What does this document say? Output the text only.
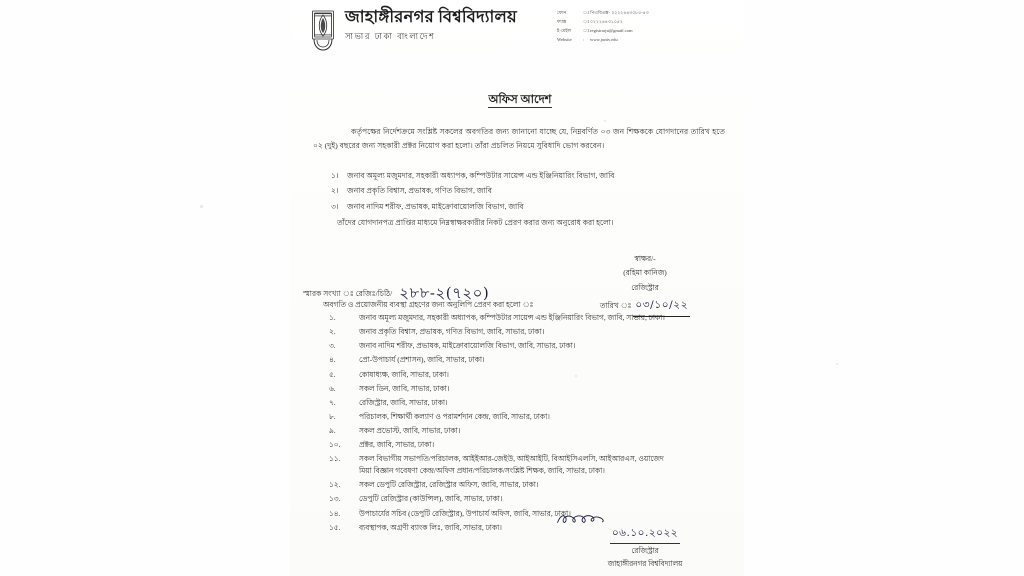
জাহাঙ্গীরনগর বিশ্ববিদ্যালয়
সাভার ঢাকা বাংলাদেশ
ফোন	ঃ পিএবিএক্স- ০২২২৪৪৩০৮৫-৫৩
ফ্যাক্স	ঃ ০২২২৪৪৩১০৫২
ই-মেইল	ঃ registrarju@gmail.com
Website	:	www.juniv.edu
অফিস আদেশ
কর্তৃপক্ষের নির্দেশক্রমে সংশ্লিষ্ট সকলের অবগতির জন্য জানানো যাচ্ছে যে, নিম্নবর্ণিত ০৩ জন শিক্ষককে যোগদানের তারিখ হতে ০২ (দুই) বছরের জন্য সহকারী প্রক্টর নিয়োগ করা হলো। তাঁরা প্রচলিত নিয়মে সুবিধাদি ভোগ করবেন।
১। জনাব অমূল্য মজুমদার, সহকারী অধ্যাপক, কম্পিউটার সায়েন্স এন্ড ইঞ্জিনিয়ারিং বিভাগ, জাবি
২। জনাব প্রকৃতি বিশ্বাস, প্রভাষক, গণিত বিভাগ, জাবি
৩। জনাব নাদিম শরীফ, প্রভাষক, মাইক্রোবায়োলজি বিভাগ, জাবি
তাঁদের যোগদানপত্র প্রাপ্তির মাধ্যমে নিম্নস্বাক্ষরকারীর নিকট প্রেরণ করার জন্য অনুরোধ করা হলো।
স্বাক্ষর/-
(রহিমা কানিজ)
রেজিস্ট্রার
তারিখ ঃ ০৩/১০/২২
স্মারক সংখ্যা ঃ রেজিঃ/চিঠি/ ২৮৮-২(৭২০)
অবগতি ও প্রয়োজনীয় ব্যবস্থা গ্রহণের জন্য অনুলিপি প্রেরণ করা হলো ঃ
১.	জনাব অমূল্য মজুমদার, সহকারী অধ্যাপক, কম্পিউটার সায়েন্স এন্ড ইঞ্জিনিয়ারিং বিভাগ, জাবি, সাভার, ঢাকা।
২.	জনাব প্রকৃতি বিশ্বাস, প্রভাষক, গণিত বিভাগ, জাবি, সাভার, ঢাকা।
৩.	জনাব নাদিম শরীফ, প্রভাষক, মাইক্রোবায়োলজি বিভাগ, জাবি, সাভার, ঢাকা।
৪.	প্রো-উপাচার্য (প্রশাসন), জাবি, সাভার, ঢাকা।
৫.	কোষাধ্যক্ষ, জাবি, সাভার, ঢাকা।
৬.	সকল ডিন, জাবি, সাভার, ঢাকা।
৭.	রেজিস্ট্রার, জাবি, সাভার, ঢাকা।
৮.	পরিচালক, শিক্ষার্থী কল্যাণ ও পরামর্শদান কেন্দ্র, জাবি, সাভার, ঢাকা।
৯.	সকল প্রভোস্ট, জাবি, সাভার, ঢাকা।
১০.	প্রক্টর, জাবি, সাভার, ঢাকা।
১১.	সকল বিভাগীয় সভাপতি/পরিচালক, আইইআর-জেইউ, আইআইটি, বিআইসিএলসি, আইআরএস, ওয়াজেদ
মিয়া বিজ্ঞান গবেষণা কেন্দ্র/অফিস প্রধান/পরিচালক/সংশ্লিষ্ট শিক্ষক, জাবি, সাভার, ঢাকা।
১২.	সকল ডেপুটি রেজিস্ট্রার, রেজিস্ট্রার অফিস, জাবি, সাভার, ঢাকা।
১৩.	ডেপুটি রেজিস্ট্রার (কাউন্সিল), জাবি, সাভার, ঢাকা।
১৪.	উপাচার্যের সচিব (ডেপুটি রেজিস্ট্রার), উপাচার্য অফিস, জাবি, সাভার, ঢাকা।
১৫.	ব্যবস্থাপক, অগ্রণী ব্যাংক লিঃ, জাবি, সাভার, ঢাকা।	০৬.১০.২০২২
রেজিস্ট্রার
জাহাঙ্গীরনগর বিশ্ববিদ্যালয়
